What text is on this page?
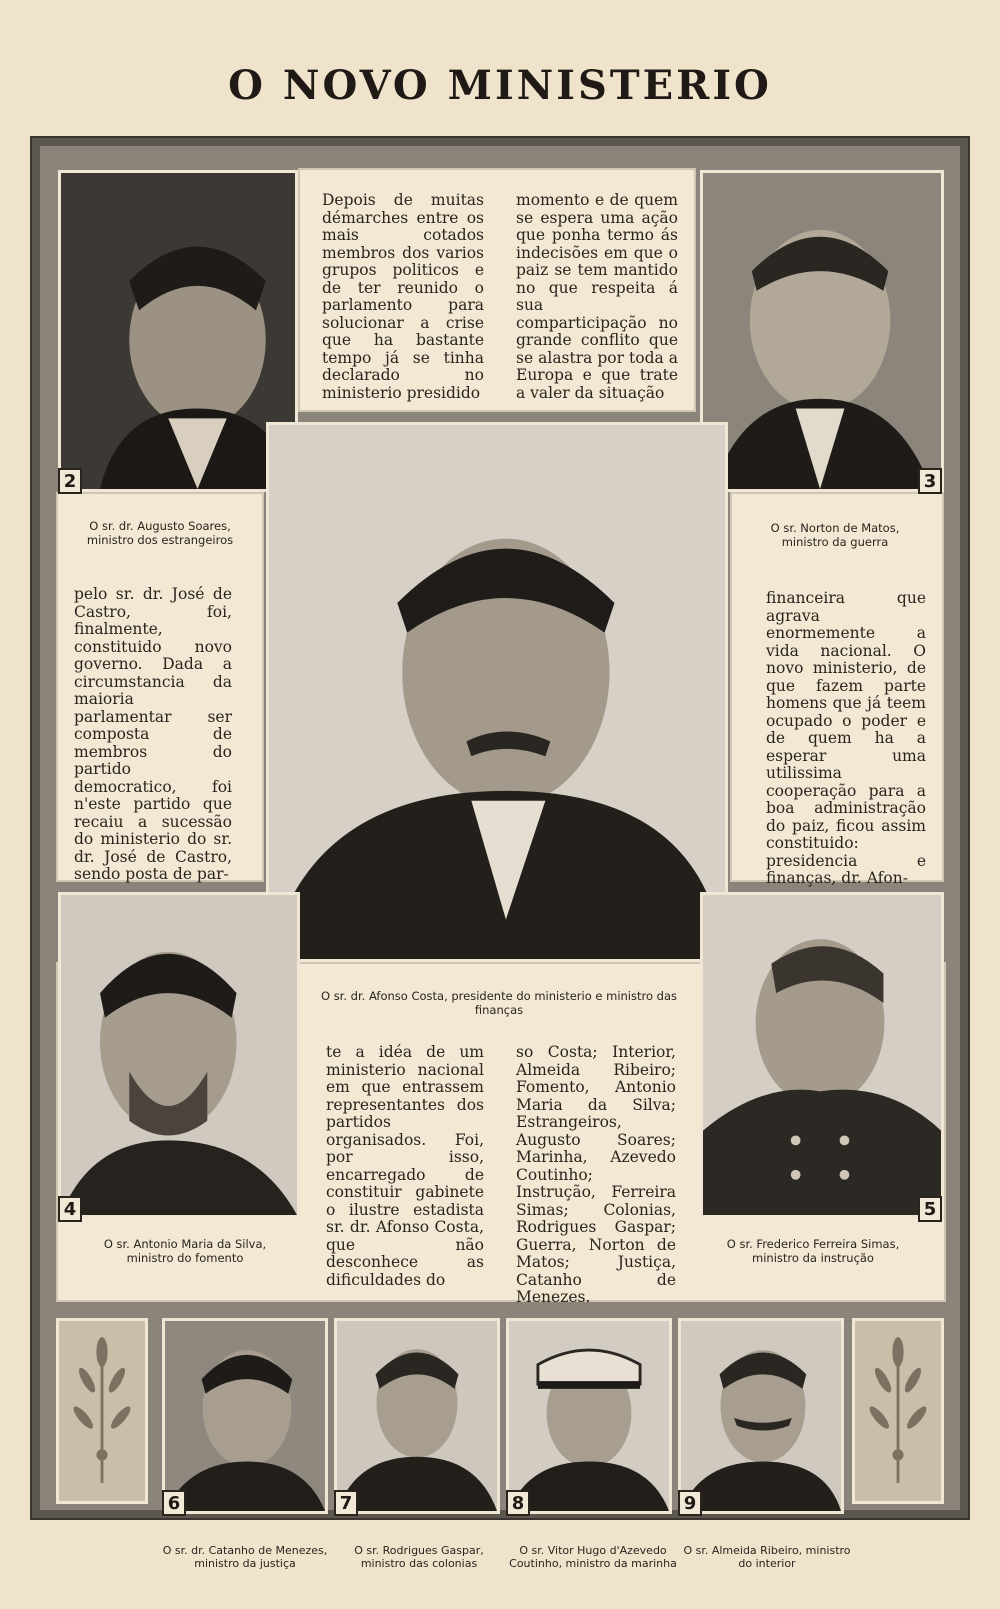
O NOVO MINISTERIO
Depois de muitas démarches entre os mais cotados membros dos varios grupos politicos e de ter reunido o parlamento para solucionar a crise que ha bastante tempo já se tinha declarado no ministerio presidido
momento e de quem se espera uma ação que ponha termo ás indecisões em que o paiz se tem mantido no que respeita á sua comparticipação no grande conflito que se alastra por toda a Europa e que trate a valer da situação
O sr. dr. Augusto Soares, ministro dos estrangeiros
pelo sr. dr. José de Castro, foi, finalmente, constituido novo governo. Dada a circumstancia da maioria parlamentar ser composta de membros do partido democratico, foi n'este partido que recaiu a sucessão do ministerio do sr. dr. José de Castro, sendo posta de par-
O sr. Norton de Matos, ministro da guerra
financeira que agrava enormemente a vida nacional. O novo ministerio, de que fazem parte homens que já teem ocupado o poder e de quem ha a esperar uma utilissima cooperação para a boa administração do paiz, ficou assim constituido: presidencia e finanças, dr. Afon-
O sr. dr. Afonso Costa, presidente do ministerio e ministro das finanças
te a idéa de um ministerio nacional em que entrassem representantes dos partidos organisados. Foi, por isso, encarregado de constituir gabinete o ilustre estadista sr. dr. Afonso Costa, que não desconhece as dificuldades do
so Costa; Interior, Almeida Ribeiro; Fomento, Antonio Maria da Silva; Estrangeiros, Augusto Soares; Marinha, Azevedo Coutinho; Instrução, Ferreira Simas; Colonias, Rodrigues Gaspar; Guerra, Norton de Matos; Justiça, Catanho de Menezes.
O sr. Antonio Maria da Silva, ministro do fomento
O sr. Frederico Ferreira Simas, ministro da instrução
2	3
4	5
6	7	8	9
O sr. dr. Catanho de Menezes, ministro da justiça
O sr. Rodrigues Gaspar, ministro das colonias
O sr. Vitor Hugo d'Azevedo Coutinho, ministro da marinha
O sr. Almeida Ribeiro, ministro do interior
